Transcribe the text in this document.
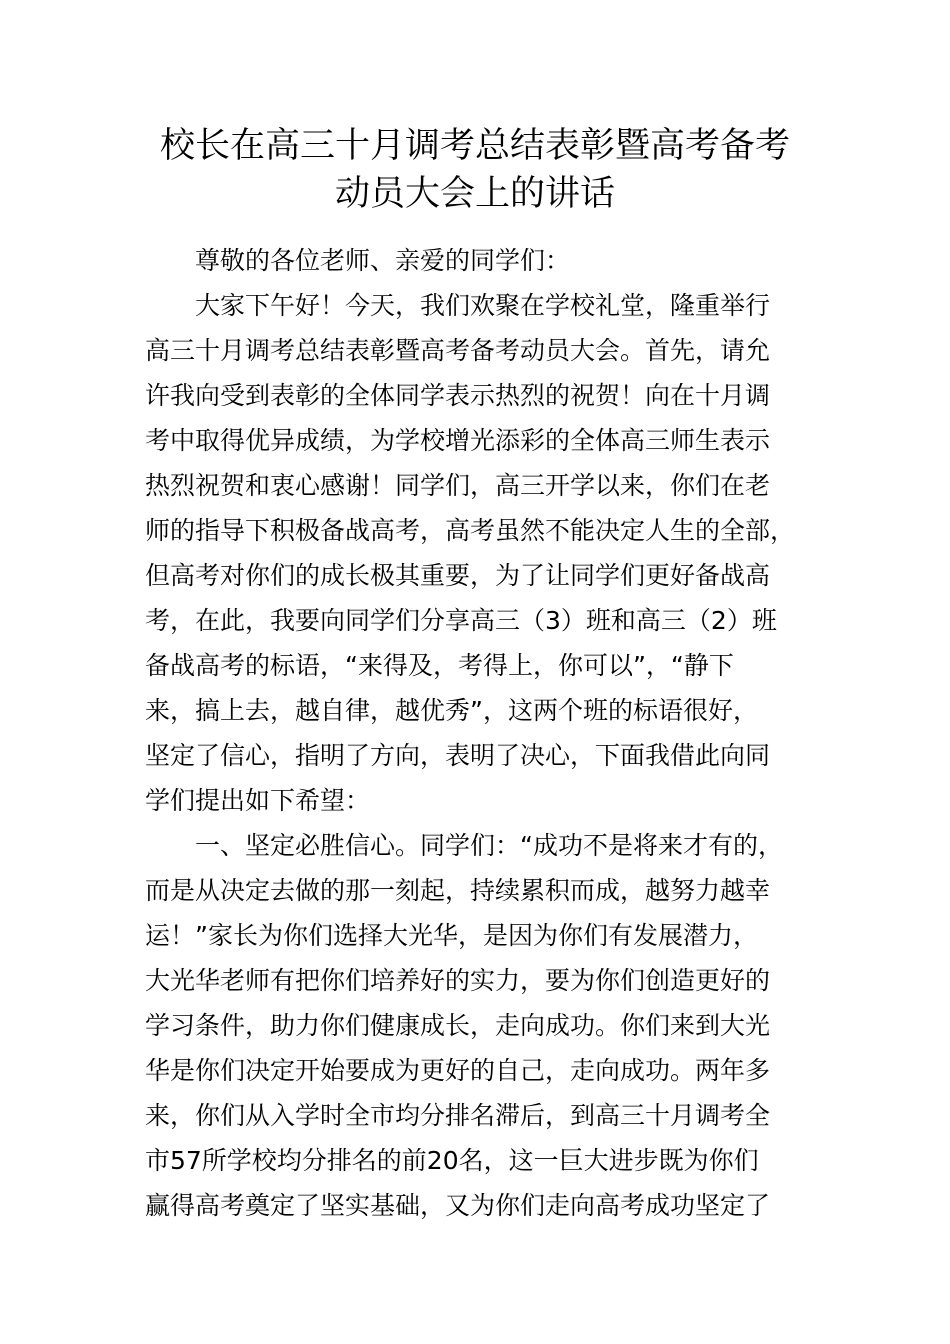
校长在高三十月调考总结表彰暨高考备考
动员大会上的讲话
尊敬的各位老师、亲爱的同学们：
大家下午好！今天，我们欢聚在学校礼堂，隆重举行
高三十月调考总结表彰暨高考备考动员大会。首先，请允
许我向受到表彰的全体同学表示热烈的祝贺！向在十月调
考中取得优异成绩，为学校增光添彩的全体高三师生表示
热烈祝贺和衷心感谢！同学们，高三开学以来，你们在老
师的指导下积极备战高考，高考虽然不能决定人生的全部，
但高考对你们的成长极其重要，为了让同学们更好备战高
考，在此，我要向同学们分享高三（3）班和高三（2）班
备战高考的标语，“来得及，考得上，你可以”，“静下
来，搞上去，越自律，越优秀”，这两个班的标语很好，
坚定了信心，指明了方向，表明了决心，下面我借此向同
学们提出如下希望：
一、坚定必胜信心。同学们：“成功不是将来才有的，
而是从决定去做的那一刻起，持续累积而成，越努力越幸
运！”家长为你们选择大光华，是因为你们有发展潜力，
大光华老师有把你们培养好的实力，要为你们创造更好的
学习条件，助力你们健康成长，走向成功。你们来到大光
华是你们决定开始要成为更好的自己，走向成功。两年多
来，你们从入学时全市均分排名滞后，到高三十月调考全
市57所学校均分排名的前20名，这一巨大进步既为你们
赢得高考奠定了坚实基础，又为你们走向高考成功坚定了
